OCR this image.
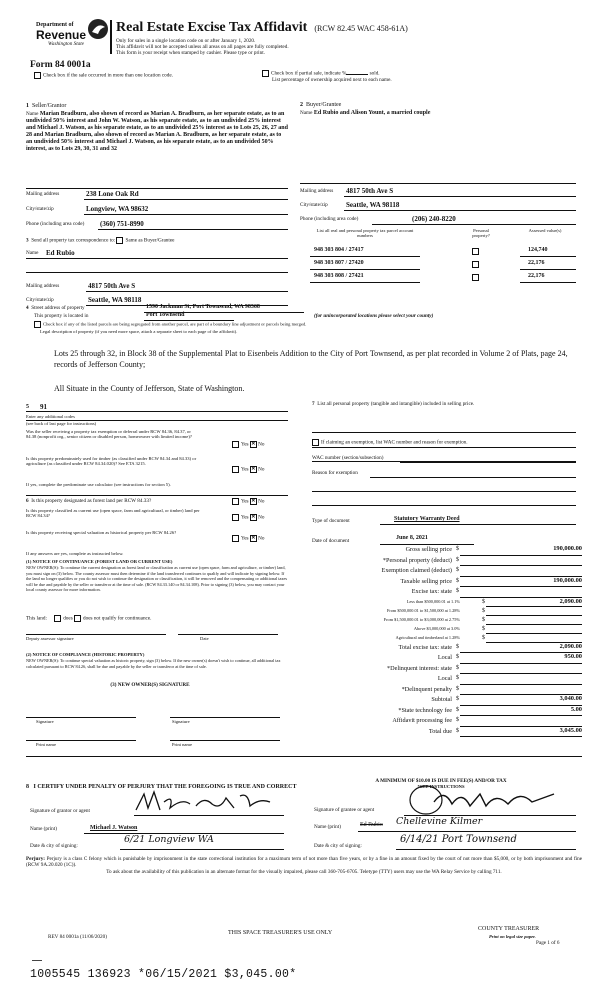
Department of
Revenue
Washington State
Real Estate Excise Tax Affidavit (RCW 82.45 WAC 458-61A)
Only for sales in a single location code on or after January 1, 2020.
This affidavit will not be accepted unless all areas on all pages are fully completed.
This form is your receipt when stamped by cashier. Please type or print.
Form 84 0001a
Check box if the sale occurred in more than one location code.	Check box if partial sale, indicate %	sold.
List percentage of ownership acquired next to each name.
1 Seller/Grantor
Name Marian Bradburn, also shown of record as Marian A. Bradburn, as her separate estate, as to an undivided 50% interest and John W. Watson, as his separate estate, as to an undivided 25% interest and Michael J. Watson, as his separate estate, as to an undivided 25% interest as to Lots 25, 26, 27 and 28 and Marian Bradburn, also shown of record as Marian A. Bradburn, as her separate estate, as to an undivided 50% interest and Michael J. Watson, as his separate estate, as to an undivided 50% interest, as to Lots 29, 30, 31 and 32
Mailing address	238 Lone Oak Rd
City/state/zip	Longview, WA 98632
Phone (including area code) (360) 751-8990
2 Buyer/Grantee
Name Ed Rubio and Alison Yount, a married couple
Mailing address 4817 50th Ave S
City/state/zip	Seattle, WA 98118
Phone (including area code)	(206) 240-8220
List all real and personal property tax parcel account numbers
Personal property?
Assessed value(s)
948 303 804 / 27417	124,740
948 303 807 / 27420	22,176
948 303 808 / 27421	22,176
3 Send all property tax correspondence to: Same as Buyer/Grantee
Name Ed Rubio
Mailing address	4817 50th Ave S
City/state/zip	Seattle, WA 98118
4 Street address of property	1590 Jackman St, Port Townsend, WA 98368
This property is located in	Port Townsend	(for unincorporated locations please select your county)
Check box if any of the listed parcels are being segregated from another parcel, are part of a boundary line adjustment or parcels being merged.
Legal description of property (if you need more space, attach a separate sheet to each page of the affidavit).
Lots 25 through 32, in Block 38 of the Supplemental Plat to Eisenbeis Addition to the City of Port Townsend, as per plat recorded in Volume 2 of Plats, page 24, records of Jefferson County;
All Situate in the County of Jefferson, State of Washington.
5 91
Enter any additional codes
(see back of last page for instructions)
Was the seller receiving a property tax exemption or deferral under RCW 84.36, 84.37, or 84.38 (nonprofit org., senior citizen or disabled person, homeowner with limited income)?
Yes ✕ No
Is this property predominately used for timber (as classified under RCW 84.34 and 84.33) or agriculture (as classified under RCW 84.34.020)? See ETA 3215.
Yes ✕ No
If yes, complete the predominate use calculator (see instructions for section 5).
6 Is this property designated as forest land per RCW 84.33?	Yes ✕ No
Is this property classified as current use (open space, farm and agricultural, or timber) land per RCW 84.34?	Yes ✕ No
Is this property receiving special valuation as historical property per RCW 84.26?
Yes ✕ No
If any answers are yes, complete as instructed below.
(1) NOTICE OF CONTINUANCE (FOREST LAND OR CURRENT USE)
NEW OWNER(S): To continue the current designation as forest land or classification as current use (open space, farm and agriculture, or timber) land, you must sign on (3) below. The county assessor must then determine if the land transferred continues to qualify and will indicate by signing below. If the land no longer qualifies or you do not wish to continue the designation or classification, it will be removed and the compensating or additional taxes will be due and payable by the seller or transferor at the time of sale. (RCW 84.33.140 or 84.34.108). Prior to signing (3) below, you may contact your local county assessor for more information.
This land:	does does not qualify for continuance.
Deputy assessor signature	Date
(2) NOTICE OF COMPLIANCE (HISTORIC PROPERTY)
NEW OWNER(S): To continue special valuation as historic property, sign (3) below. If the new owner(s) doesn't wish to continue, all additional tax calculated pursuant to RCW 84.26, shall be due and payable by the seller or transferor at the time of sale.
(3) NEW OWNER(S) SIGNATURE
Signature	Signature
Print name	Print name
7 List all personal property (tangible and intangible) included in selling price.
If claiming an exemption, list WAC number and reason for exemption.
WAC number (section/subsection)
Reason for exemption
Type of document	Statutory Warranty Deed
Date of document	June 8, 2021
Gross selling price $	190,000.00
*Personal property (deduct) $
Exemption claimed (deduct) $
Taxable selling price $	190,000.00
Excise tax: state $
Less than $500,000.01 at 1.1%	$	2,090.00
From $500,000.01 to $1,500,000 at 1.28%	$
From $1,500,000.01 to $3,000,000 at 2.75%	$
Above $3,000,000 at 3.0%	$
Agricultural and timberland at 1.28%	$
Total excise tax: state $	2,090.00
Local $	950.00
*Delinquent interest: state $
Local $
*Delinquent penalty $
Subtotal $	3,040.00
*State technology fee $	5.00
Affidavit processing fee $
Total due $	3,045.00
A MINIMUM OF $10.00 IS DUE IN FEE(S) AND/OR TAX
*SEE INSTRUCTIONS
8 I CERTIFY UNDER PENALTY OF PERJURY THAT THE FOREGOING IS TRUE AND CORRECT
Signature of grantor or agent
Name (print)	Michael J. Watson
Date & city of signing:
6/21 Longview WA
Signature of grantee or agent
Name (print)	Ed Rubio Chellevine Kilmer
Date & city of signing:
6/14/21 Port Townsend
Perjury: Perjury is a class C felony which is punishable by imprisonment in the state correctional institution for a maximum term of not more than five years, or by a fine in an amount fixed by the court of not more than $5,000, or by both imprisonment and fine (RCW 9A.20.020 (1C)).
To ask about the availability of this publication in an alternate format for the visually impaired, please call 360-705-6705. Teletype (TTY) users may use the WA Relay Service by calling 711.
REV 84 0001a (11/06/2020)
THIS SPACE TREASURER'S USE ONLY
COUNTY TREASURER
Print on legal size paper.
Page 1 of 6
1005545 136923 *06/15/2021 $3,045.00*
